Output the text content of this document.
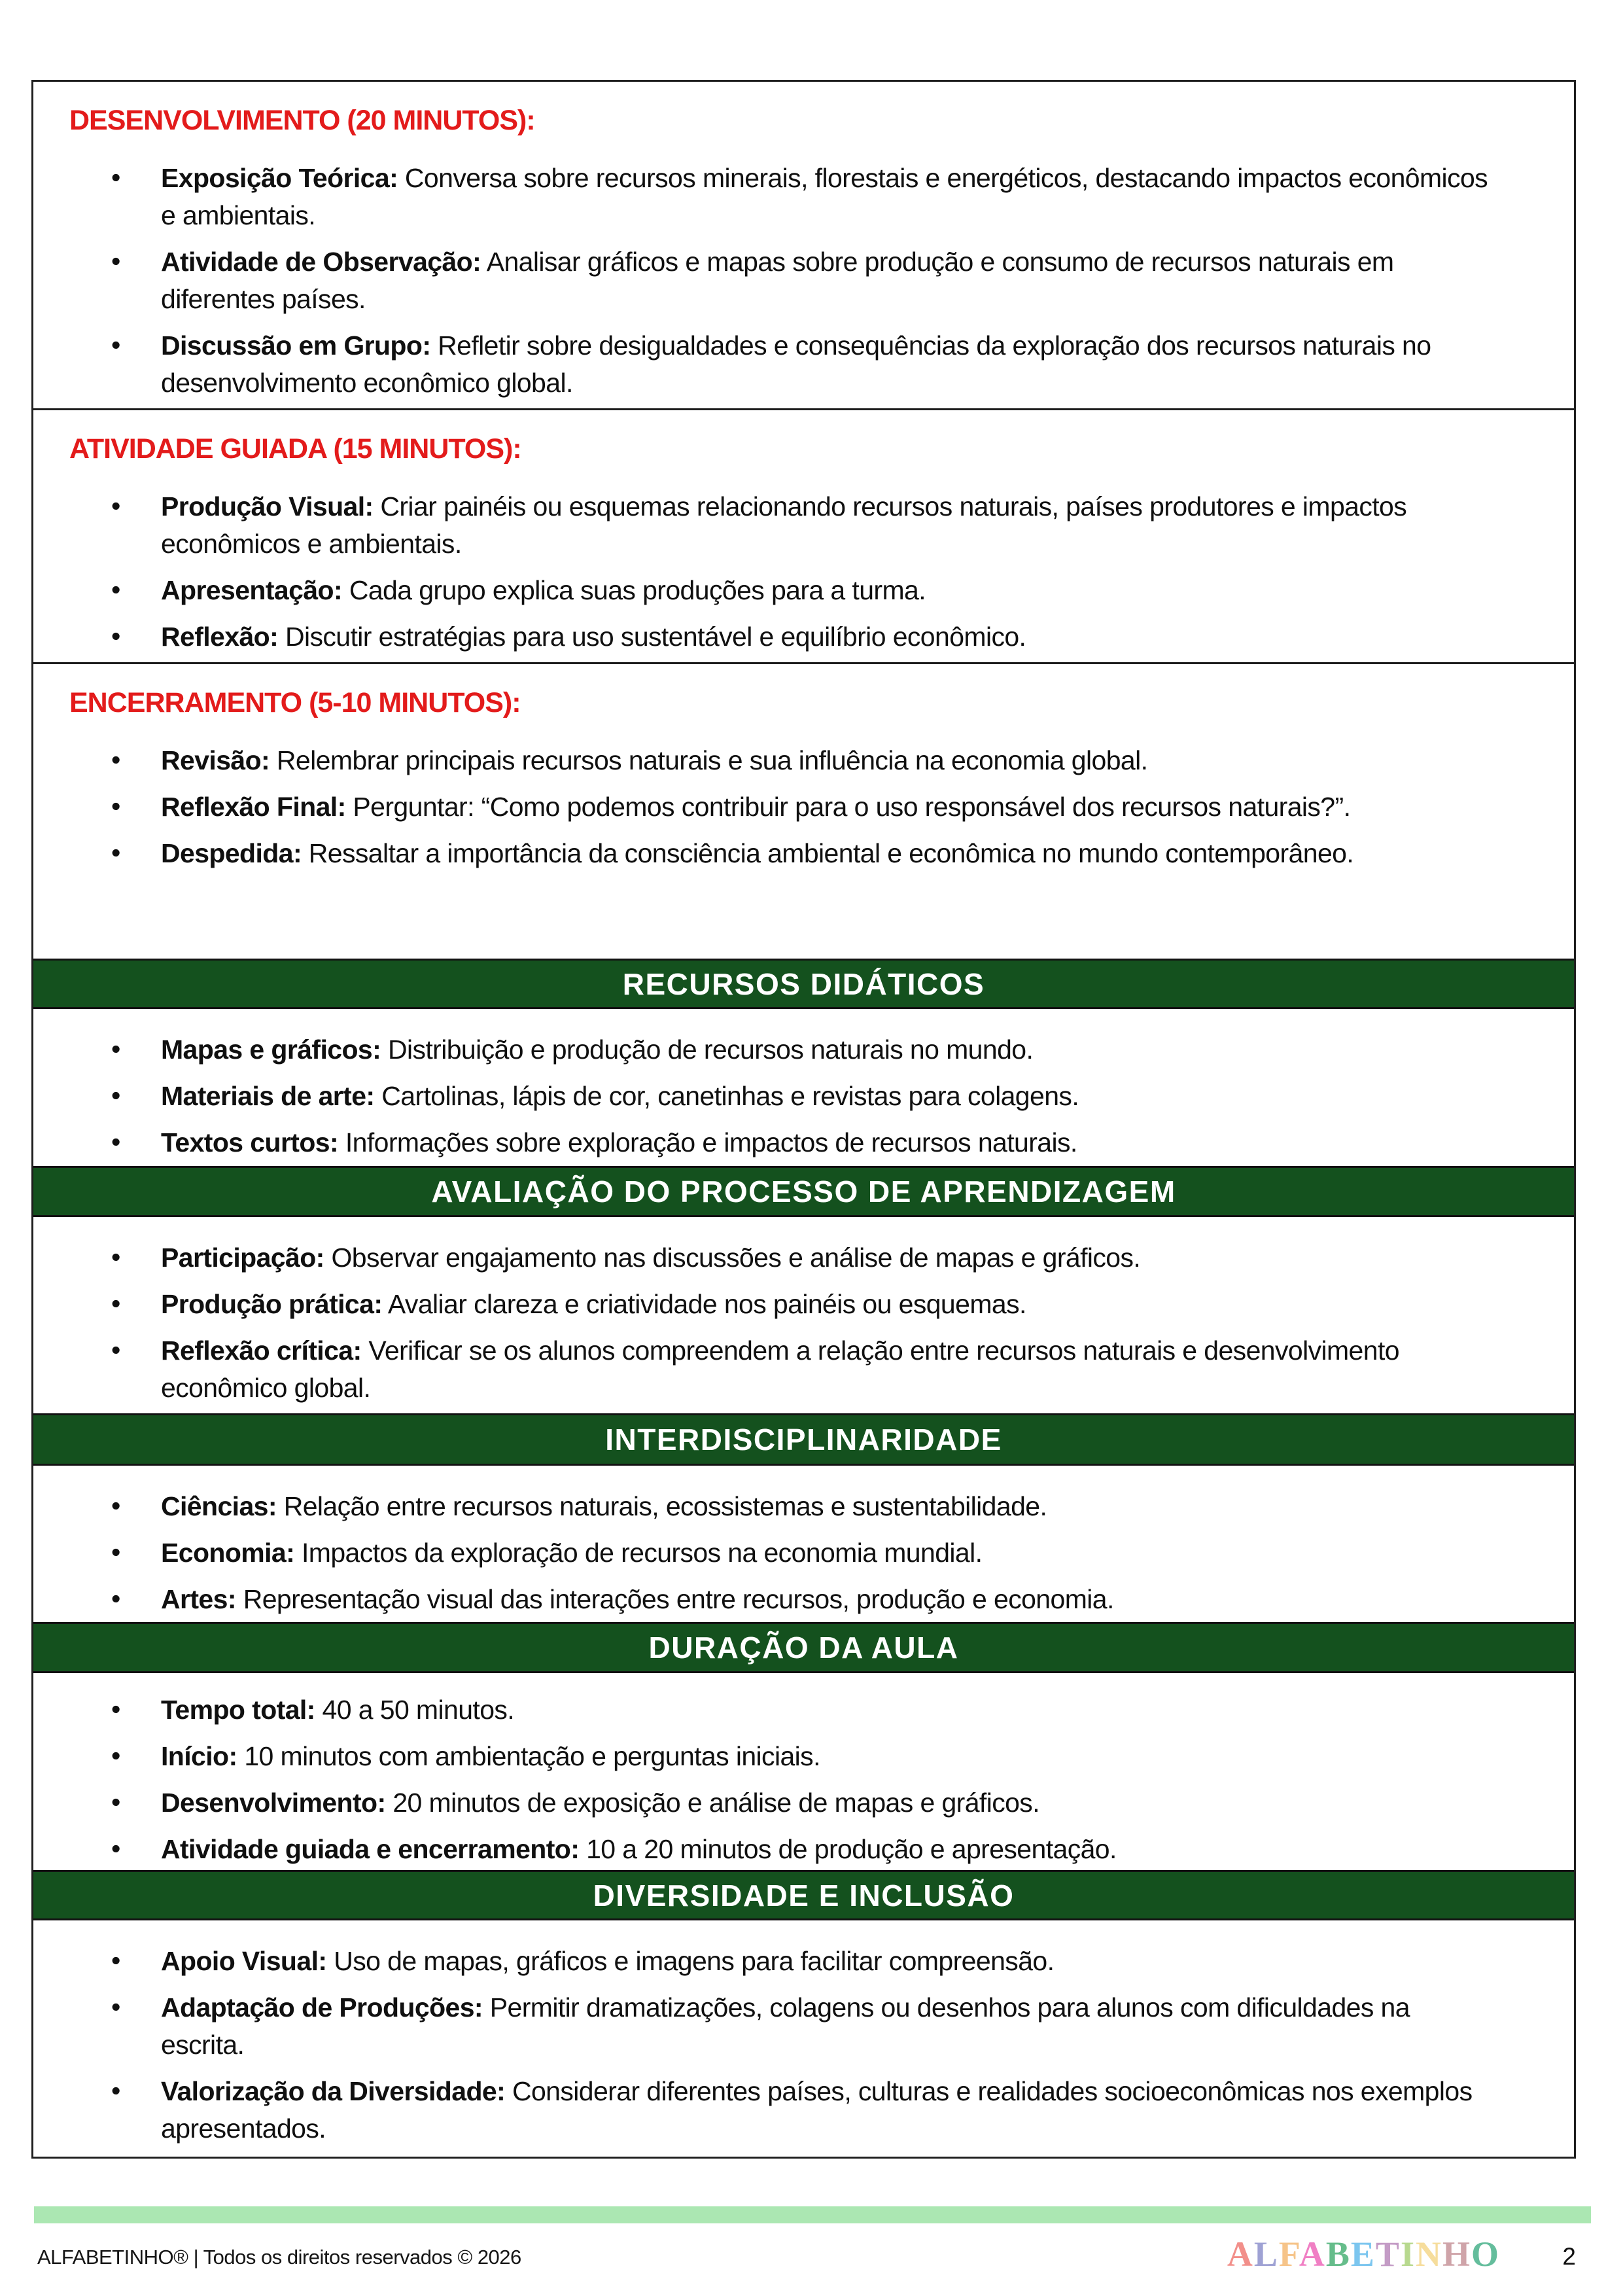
DESENVOLVIMENTO (20 MINUTOS):
• Exposição Teórica: Conversa sobre recursos minerais, florestais e energéticos, destacando impactos econômicos e ambientais.
• Atividade de Observação: Analisar gráficos e mapas sobre produção e consumo de recursos naturais em diferentes países.
• Discussão em Grupo: Refletir sobre desigualdades e consequências da exploração dos recursos naturais no desenvolvimento econômico global.
ATIVIDADE GUIADA (15 MINUTOS):
• Produção Visual: Criar painéis ou esquemas relacionando recursos naturais, países produtores e impactos econômicos e ambientais.
• Apresentação: Cada grupo explica suas produções para a turma.
• Reflexão: Discutir estratégias para uso sustentável e equilíbrio econômico.
ENCERRAMENTO (5-10 MINUTOS):
• Revisão: Relembrar principais recursos naturais e sua influência na economia global.
• Reflexão Final: Perguntar: “Como podemos contribuir para o uso responsável dos recursos naturais?”.
• Despedida: Ressaltar a importância da consciência ambiental e econômica no mundo contemporâneo.
RECURSOS DIDÁTICOS
• Mapas e gráficos: Distribuição e produção de recursos naturais no mundo.
• Materiais de arte: Cartolinas, lápis de cor, canetinhas e revistas para colagens.
• Textos curtos: Informações sobre exploração e impactos de recursos naturais.
AVALIAÇÃO DO PROCESSO DE APRENDIZAGEM
• Participação: Observar engajamento nas discussões e análise de mapas e gráficos.
• Produção prática: Avaliar clareza e criatividade nos painéis ou esquemas.
• Reflexão crítica: Verificar se os alunos compreendem a relação entre recursos naturais e desenvolvimento econômico global.
INTERDISCIPLINARIDADE
• Ciências: Relação entre recursos naturais, ecossistemas e sustentabilidade.
• Economia: Impactos da exploração de recursos na economia mundial.
• Artes: Representação visual das interações entre recursos, produção e economia.
DURAÇÃO DA AULA
• Tempo total: 40 a 50 minutos.
• Início: 10 minutos com ambientação e perguntas iniciais.
• Desenvolvimento: 20 minutos de exposição e análise de mapas e gráficos.
• Atividade guiada e encerramento: 10 a 20 minutos de produção e apresentação.
DIVERSIDADE E INCLUSÃO
• Apoio Visual: Uso de mapas, gráficos e imagens para facilitar compreensão.
• Adaptação de Produções: Permitir dramatizações, colagens ou desenhos para alunos com dificuldades na escrita.
• Valorização da Diversidade: Considerar diferentes países, culturas e realidades socioeconômicas nos exemplos apresentados.
ALFABETINHO® | Todos os direitos reservados © 2026	ALFABETINHO	2
